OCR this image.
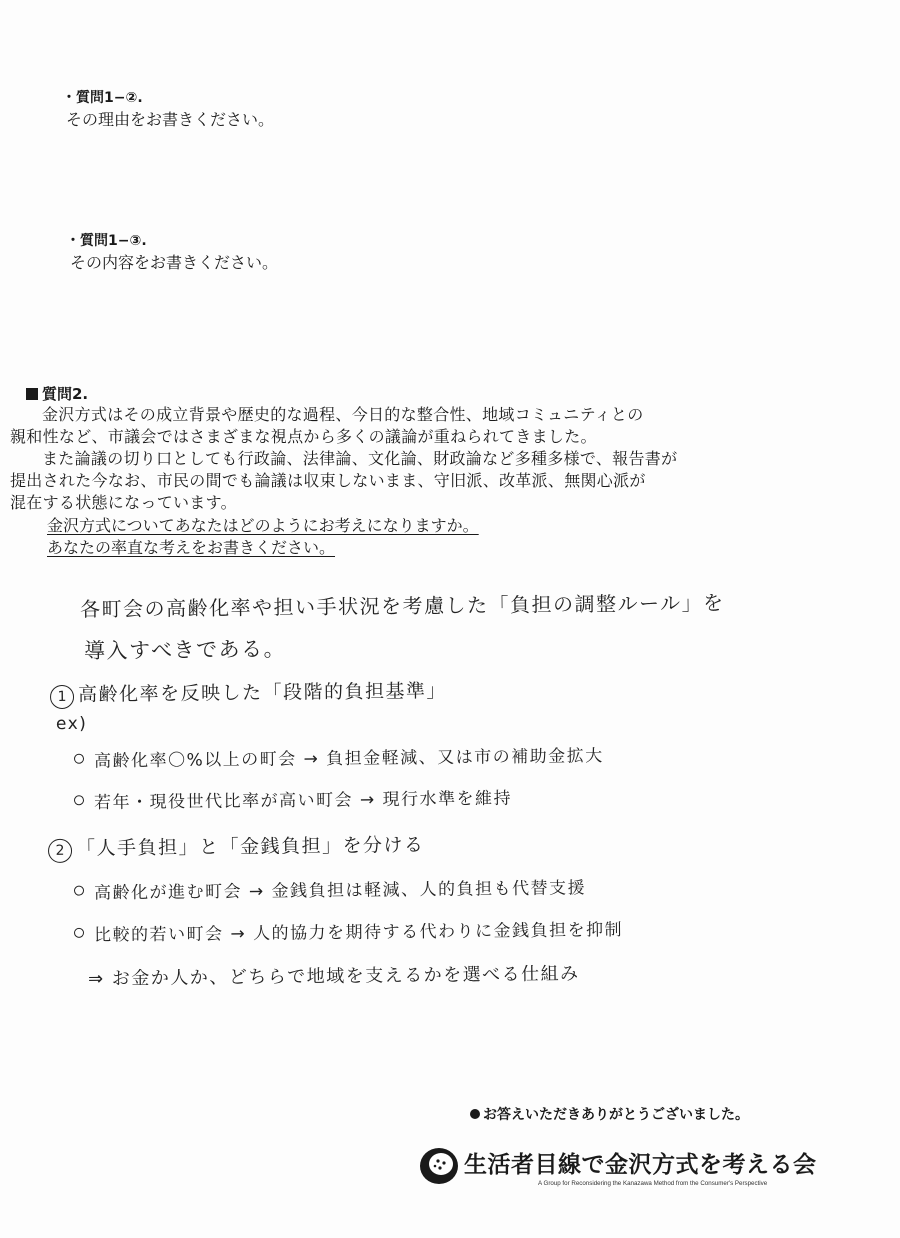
・質問1−②.
その理由をお書きください。
・質問1−③.
その内容をお書きください。
質問2.

金沢方式はその成立背景や歴史的な過程、今日的な整合性、地域コミュニティとの
親和性など、市議会ではさまざまな視点から多くの議論が重ねられてきました。

また論議の切り口としても行政論、法律論、文化論、財政論など多種多様で、報告書が
提出された今なお、市民の間でも論議は収束しないまま、守旧派、改革派、無関心派が
混在する状態になっています。

金沢方式についてあなたはどのようにお考えになりますか。
あなたの率直な考えをお書きください。
各町会の高齢化率や担い手状況を考慮した「負担の調整ルール」を
導入すべきである。
1 高齢化率を反映した「段階的負担基準」
ex)
高齢化率〇%以上の町会 → 負担金軽減、又は市の補助金拡大
若年・現役世代比率が高い町会 → 現行水準を維持
2 「人手負担」と「金銭負担」を分ける
高齢化が進む町会 → 金銭負担は軽減、人的負担も代替支援
比較的若い町会 → 人的協力を期待する代わりに金銭負担を抑制
⇒ お金か人か、どちらで地域を支えるかを選べる仕組み
お答えいただきありがとうございました。
生活者目線で金沢方式を考える会
A Group for Reconsidering the Kanazawa Method from the Consumer's Perspective
